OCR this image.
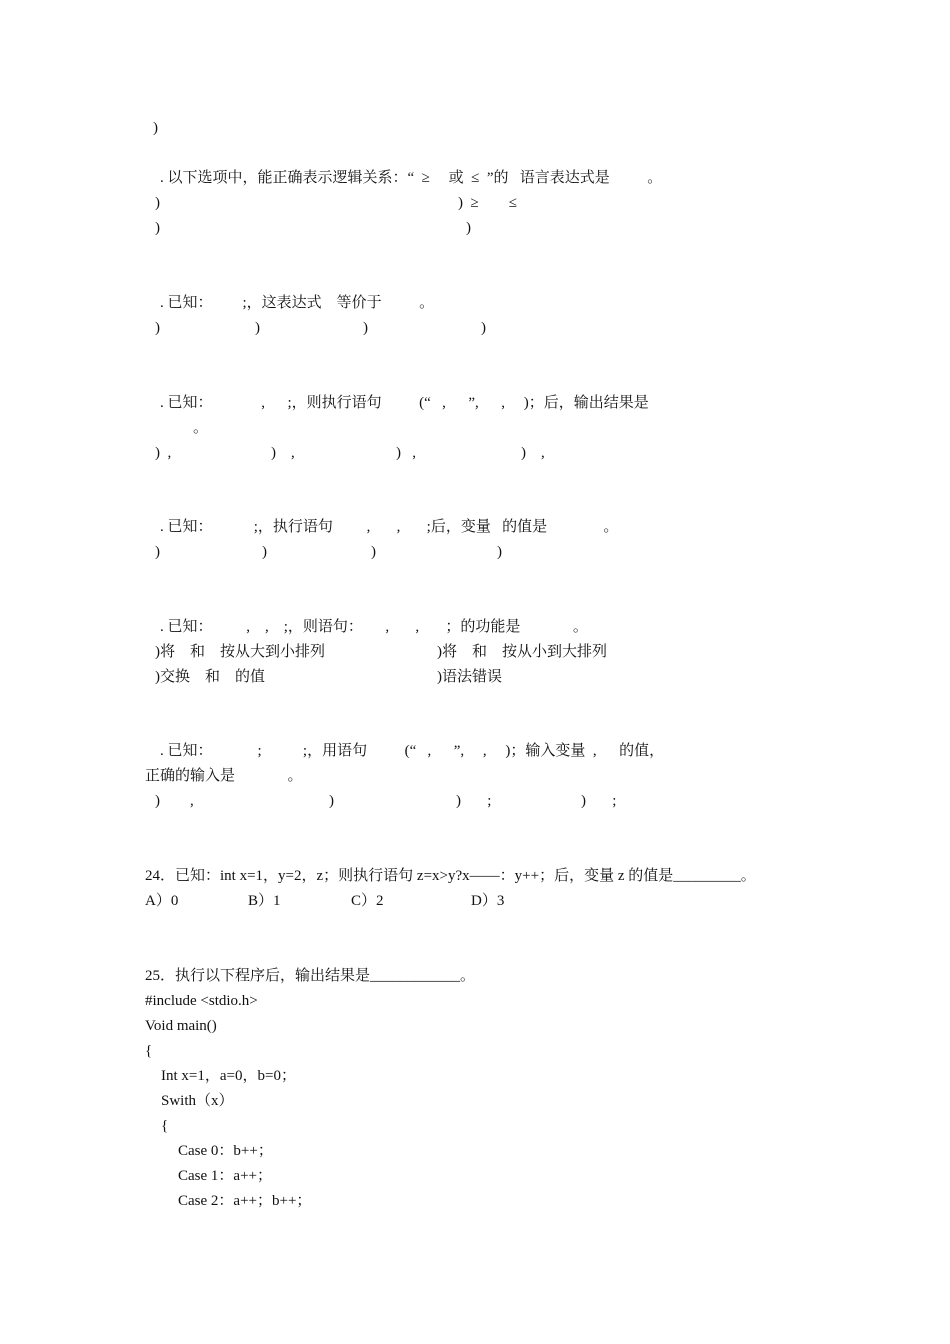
)
. 以下选项中，能正确表示逻辑关系：“  ≥     或  ≤  ”的   语言表达式是          。
)	)  ≥        ≤
)	)
. 已知：        ;，这表达式    等价于          。
)	)	)	)
. 已知：             ,      ;，则执行语句          (“   ,      ”,      ,     )；后，输出结果是
。
)  ,	)    ,	)   ,	)    ,
. 已知：           ;，执行语句         ,       ,       ;后，变量   的值是               。
)	)	)	)
. 已知：         ,    ,    ;，则语句：      ,       ,       ；的功能是              。
)将    和    按从大到小排列	)将    和    按从小到大排列
)交换    和    的值	)语法错误
. 已知：            ;           ;，用语句          (“   ,      ”,     ,     )；输入变量  ,      的值，
正确的输入是              。
)        ,	)	)       ;	)       ;
24．已知：int x=1，y=2，z；则执行语句 z=x>y?x——：y++；后，变量 z 的值是_________。
A）0	B）1	C）2	D）3
25．执行以下程序后，输出结果是____________。
#include <stdio.h>
Void main()
{
Int x=1，a=0，b=0；
Swith（x）
{
Case 0：b++；
Case 1：a++；
Case 2：a++；b++；
